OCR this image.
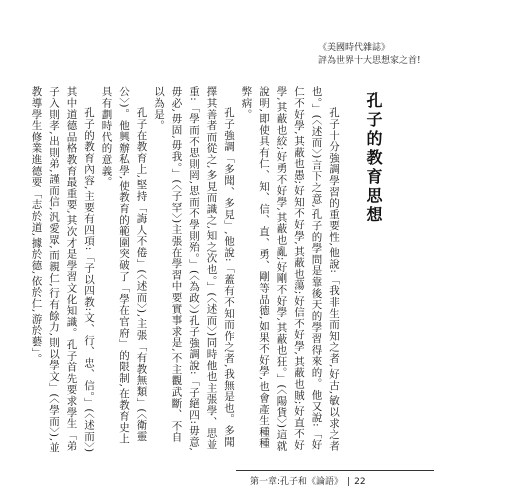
《美國時代雜誌》
評為世界十大思想家之首!
孔子的教育思想

孔子十分強調學習的重要性,他說:「我非生而知之者,好古,敏以求之者也。」(〈述而〉)言下之意,孔子的學問是靠後天的學習得來的。他又說:「好仁不好學,其蔽也愚;好知不好學,其蔽也蕩;好信不好學,其蔽也賊;好直不好學,其蔽也絞;好勇不好學,其蔽也亂;好剛不好學,其蔽也狂。」(〈陽貨〉)這就說明,即使具有仁、知、信、直、勇、剛等品德,如果不好學,也會產生種種弊病。

孔子強調「多聞、多見」,他說:「蓋有不知而作之者,我無是也。多聞擇其善者而從之,多見而識之,知之次也。」(〈述而〉)同時他也主張學、思並重:「學而不思則罔,思而不學則殆。」(〈為政〉)孔子強調說:「子絕四:毋意,毋必,毋固,毋我。」(〈子罕〉)主張在學習中要實事求是,不主觀武斷、不自以為是。

孔子在教育上,堅持「誨人不倦」(〈述而〉),主張「有教無類」(〈衛靈公〉)。他興辦私學,使教育的範圍突破了「學在官府」的限制,在教育史上具有劃時代的意義。

孔子的教育內容,主要有四項:「子以四教:文、行、忠、信。」(〈述而〉)其中道德品格教育最重要,其次才是學習文化知識。孔子首先要求學生「弟子入則孝,出則弟,謹而信,汎愛眾,而親仁,行有餘力,則以學文」(〈學而〉),並教導學生修業進德要「志於道,據於德,依於仁,游於藝」。

第一章:孔子和《論語》 | 22
